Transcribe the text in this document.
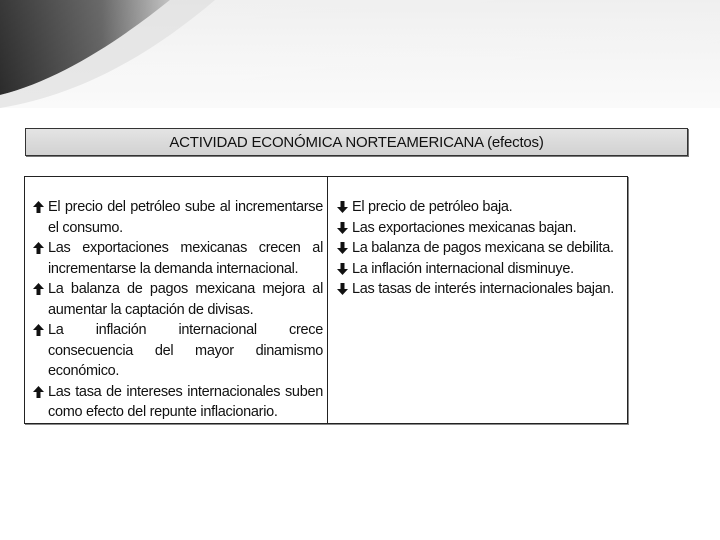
ACTIVIDAD ECONÓMICA NORTEAMERICANA (efectos)
El precio del petróleo sube al incrementarse el consumo.
Las exportaciones mexicanas crecen al incrementarse la demanda internacional.
La balanza de pagos mexicana mejora al aumentar la captación de divisas.
La inflación internacional crece consecuencia del mayor dinamismo económico.
Las tasa de intereses internacionales suben como efecto del repunte inflacionario.
El precio de petróleo baja.
Las exportaciones mexicanas bajan.
La balanza de pagos mexicana se debilita.
La inflación internacional disminuye.
Las tasas de interés internacionales bajan.
